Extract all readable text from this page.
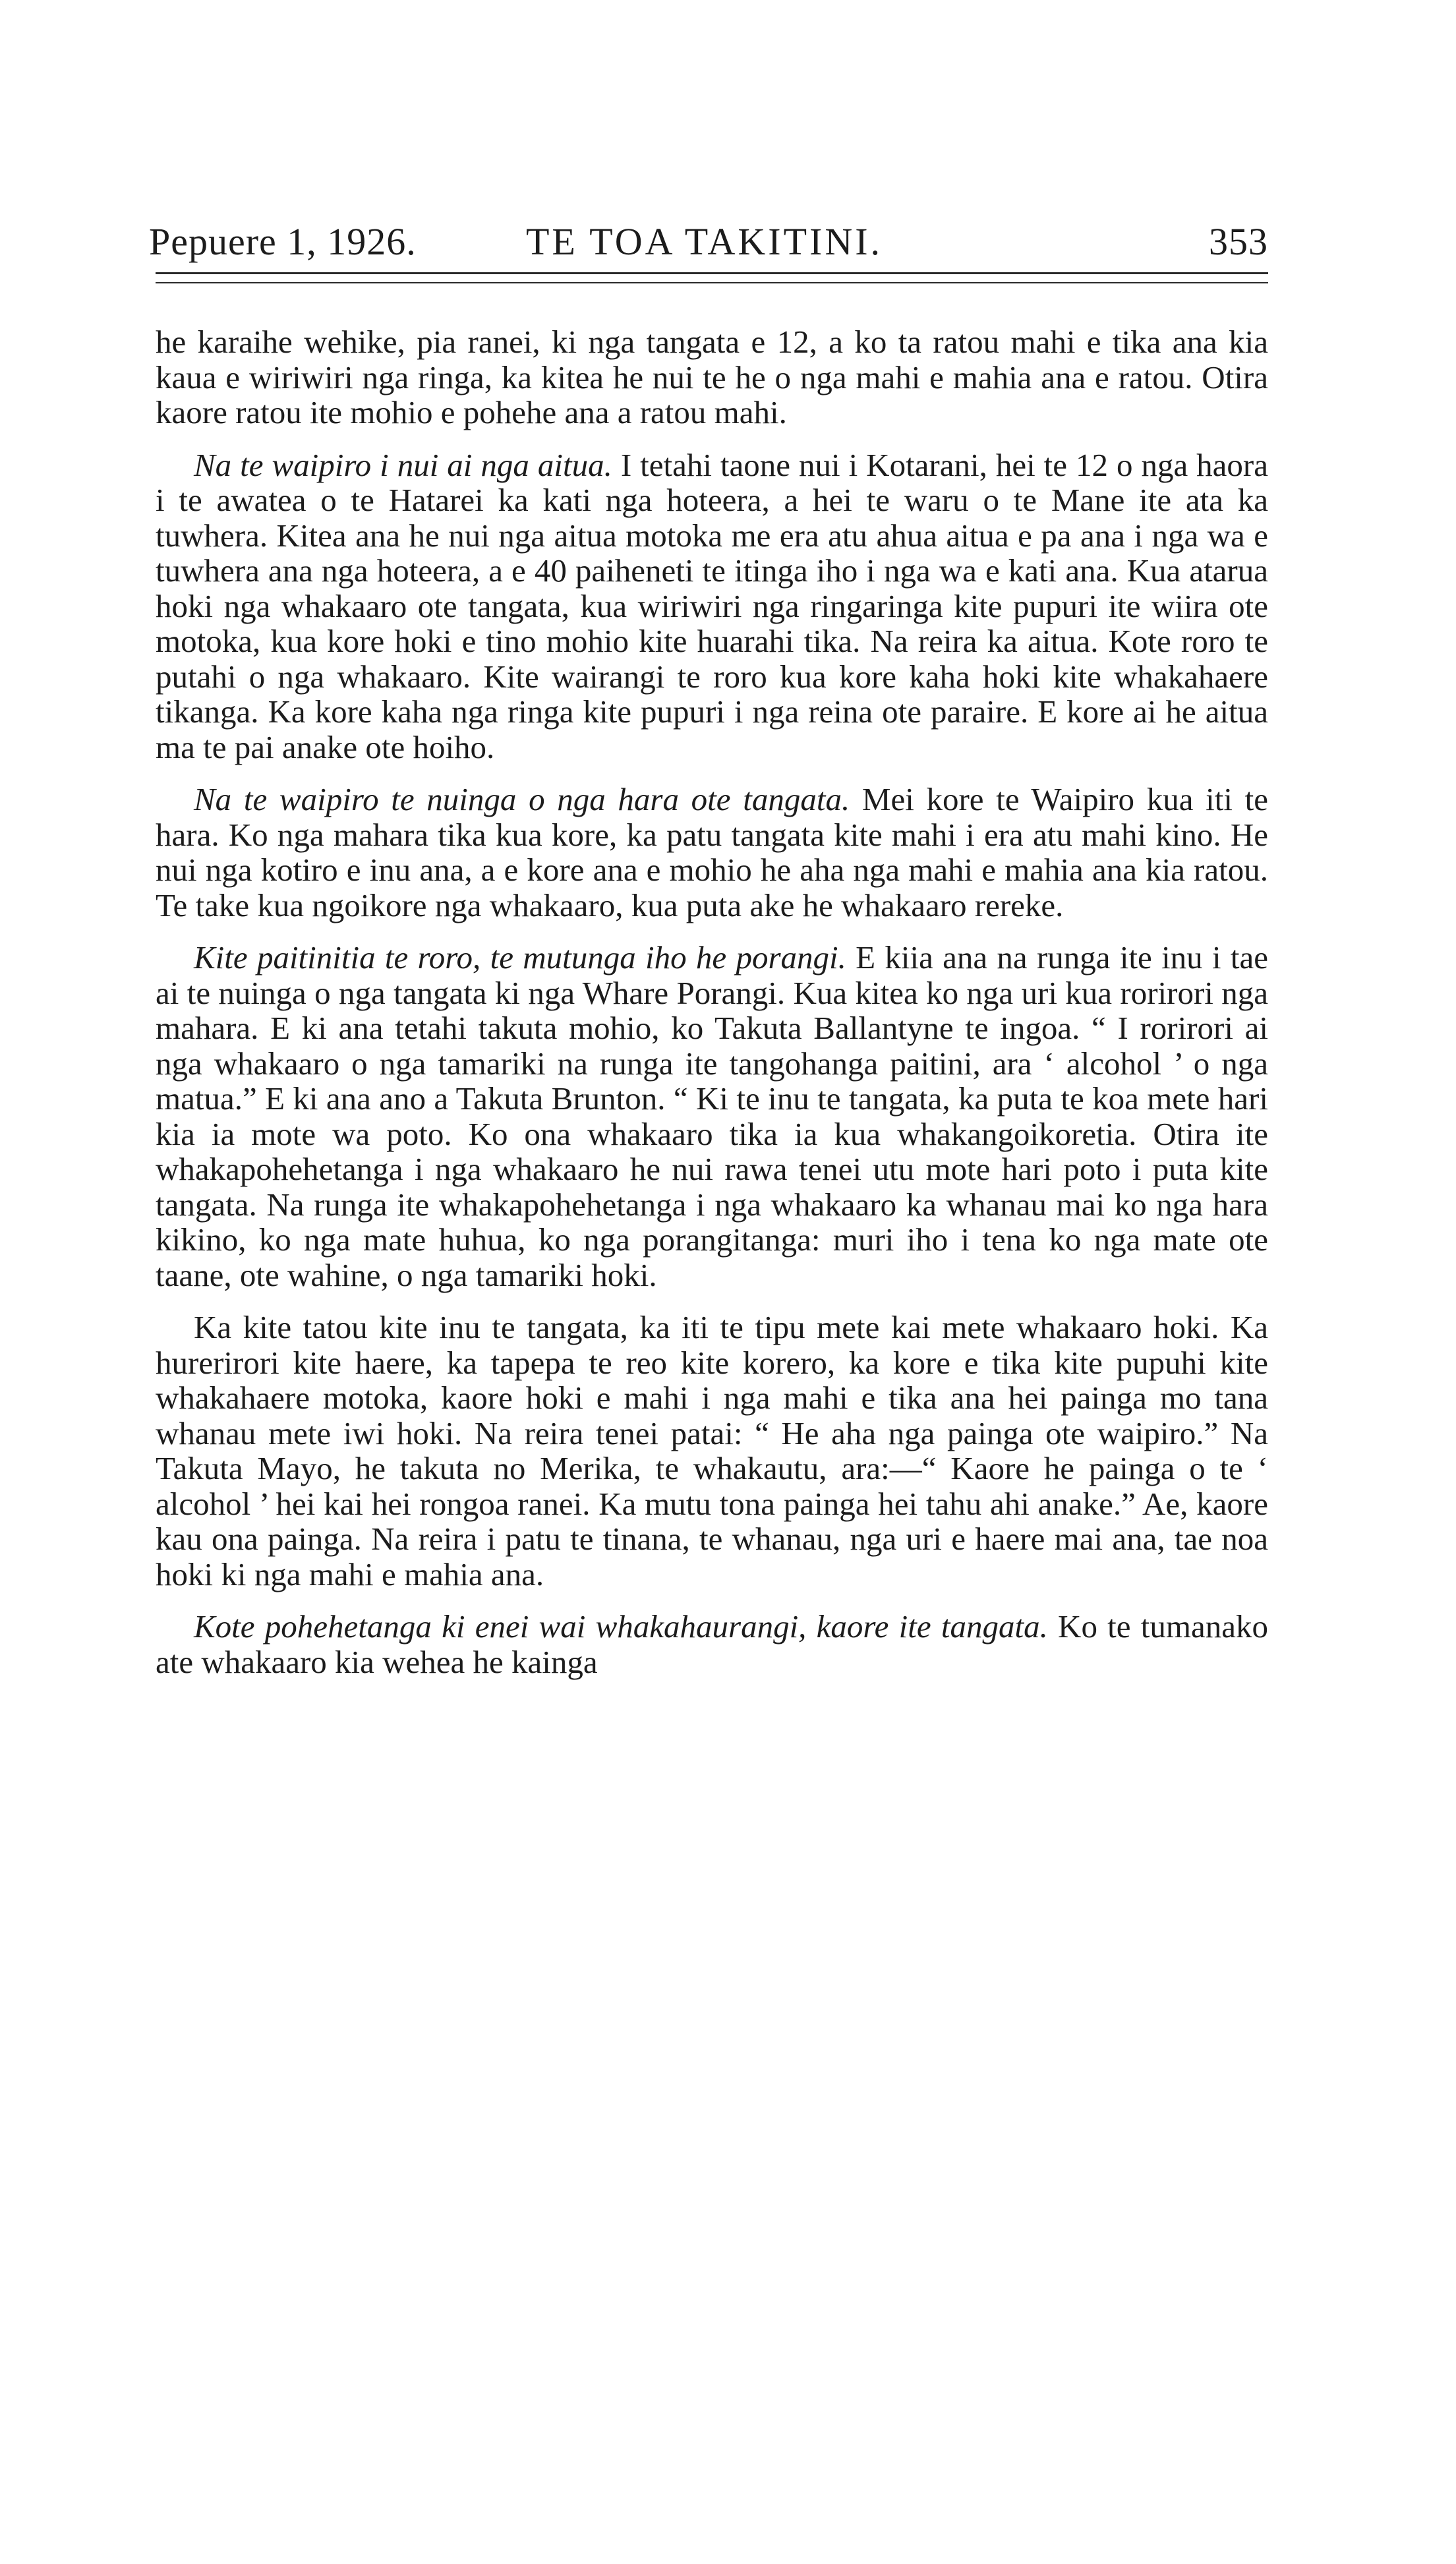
Pepuere 1, 1926.	TE TOA TAKITINI.	353

he karaihe wehike, pia ranei, ki nga tangata e 12, a ko ta ratou mahi e tika ana kia kaua e wiriwiri nga ringa, ka kitea he nui te he o nga mahi e mahia ana e ratou. Otira kaore ratou ite mohio e pohehe ana a ratou mahi.

Na te waipiro i nui ai nga aitua. I tetahi taone nui i Kotarani, hei te 12 o nga haora i te awatea o te Hatarei ka kati nga hoteera, a hei te waru o te Mane ite ata ka tuwhera. Kitea ana he nui nga aitua motoka me era atu ahua aitua e pa ana i nga wa e tuwhera ana nga hoteera, a e 40 paiheneti te itinga iho i nga wa e kati ana. Kua atarua hoki nga whakaaro ote tangata, kua wiriwiri nga ringaringa kite pupuri ite wiira ote motoka, kua kore hoki e tino mohio kite huarahi tika. Na reira ka aitua. Kote roro te putahi o nga whakaaro. Kite wairangi te roro kua kore kaha hoki kite whakahaere tikanga. Ka kore kaha nga ringa kite pupuri i nga reina ote paraire. E kore ai he aitua ma te pai anake ote hoiho.

Na te waipiro te nuinga o nga hara ote tangata. Mei kore te Waipiro kua iti te hara. Ko nga mahara tika kua kore, ka patu tangata kite mahi i era atu mahi kino. He nui nga kotiro e inu ana, a e kore ana e mohio he aha nga mahi e mahia ana kia ratou. Te take kua ngoikore nga whakaaro, kua puta ake he whakaaro rereke.

Kite paitinitia te roro, te mutunga iho he porangi. E kiia ana na runga ite inu i tae ai te nuinga o nga tangata ki nga Whare Porangi. Kua kitea ko nga uri kua rorirori nga mahara. E ki ana tetahi takuta mohio, ko Takuta Ballantyne te ingoa. “ I rorirori ai nga whakaaro o nga tamariki na runga ite tangohanga paitini, ara ‘ alcohol ’ o nga matua.” E ki ana ano a Takuta Brunton. “ Ki te inu te tangata, ka puta te koa mete hari kia ia mote wa poto. Ko ona whakaaro tika ia kua whakangoikoretia. Otira ite whakapohehetanga i nga whakaaro he nui rawa tenei utu mote hari poto i puta kite tangata. Na runga ite whakapohehetanga i nga whakaaro ka whanau mai ko nga hara kikino, ko nga mate huhua, ko nga porangitanga: muri iho i tena ko nga mate ote taane, ote wahine, o nga tamariki hoki.

Ka kite tatou kite inu te tangata, ka iti te tipu mete kai mete whakaaro hoki. Ka hurerirori kite haere, ka tapepa te reo kite korero, ka kore e tika kite pupuhi kite whakahaere motoka, kaore hoki e mahi i nga mahi e tika ana hei painga mo tana whanau mete iwi hoki. Na reira tenei patai: “ He aha nga painga ote waipiro.” Na Takuta Mayo, he takuta no Merika, te whakautu, ara:—“ Kaore he painga o te ‘ alcohol ’ hei kai hei rongoa ranei. Ka mutu tona painga hei tahu ahi anake.” Ae, kaore kau ona painga. Na reira i patu te tinana, te whanau, nga uri e haere mai ana, tae noa hoki ki nga mahi e mahia ana.

Kote pohehetanga ki enei wai whakahaurangi, kaore ite tangata. Ko te tumanako ate whakaaro kia wehea he kainga
